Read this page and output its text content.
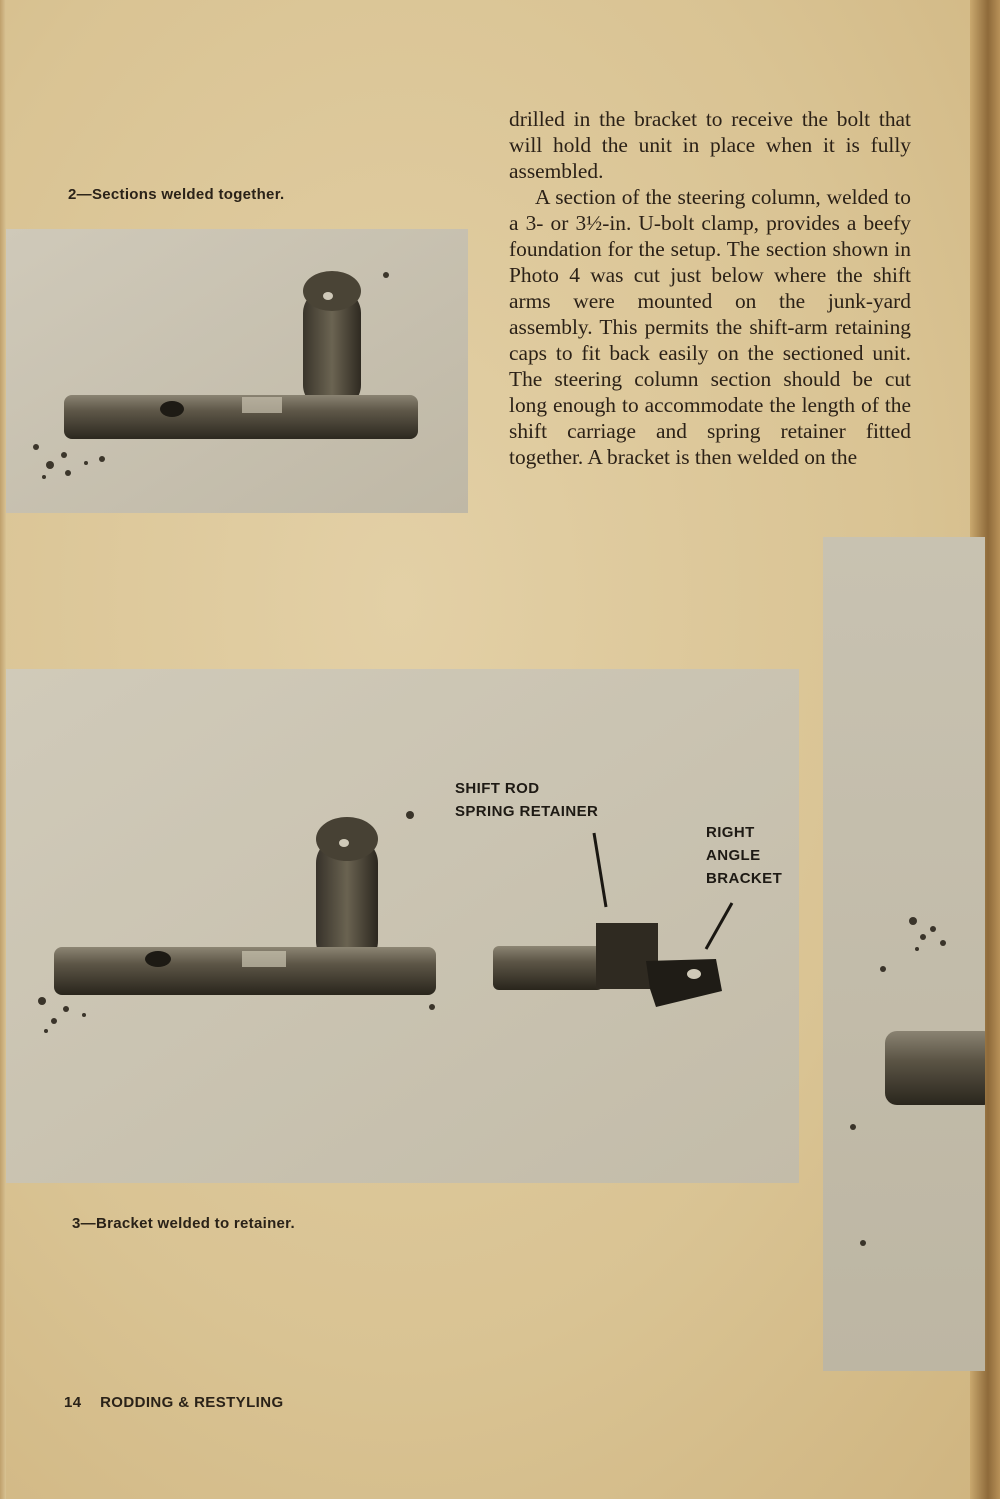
2—Sections welded together.

drilled in the bracket to receive the bolt that will hold the unit in place when it is fully assembled.

A section of the steering column, welded to a 3- or 3½-in. U-bolt clamp, provides a beefy foundation for the setup. The section shown in Photo 4 was cut just below where the shift arms were mounted on the junk-yard assembly. This permits the shift-arm retaining caps to fit back easily on the sectioned unit. The steering column section should be cut long enough to accommodate the length of the shift carriage and spring retainer fitted together. A bracket is then welded on the

SHIFT ROD
SPRING RETAINER
RIGHT
ANGLE
BRACKET
3—Bracket welded to retainer.
14 RODDING & RESTYLING
